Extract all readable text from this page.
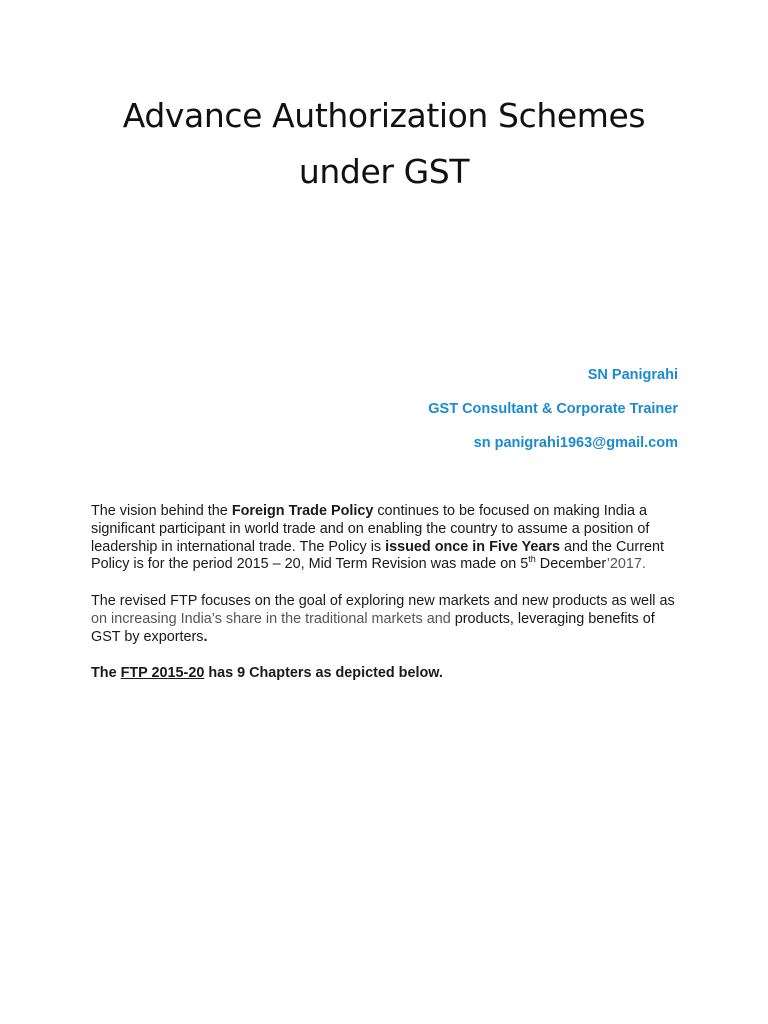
Advance Authorization Schemes
under GST
SN Panigrahi
GST Consultant & Corporate Trainer
sn panigrahi1963@gmail.com

The vision behind the Foreign Trade Policy continues to be focused on making India a significant participant in world trade and on enabling the country to assume a position of leadership in international trade. The Policy is issued once in Five Years and the Current Policy is for the period 2015 – 20, Mid Term Revision was made on 5th December’2017.

The revised FTP focuses on the goal of exploring new markets and new products as well as on increasing India’s share in the traditional markets and products, leveraging benefits of GST by exporters.

The FTP 2015-20 has 9 Chapters as depicted below.
